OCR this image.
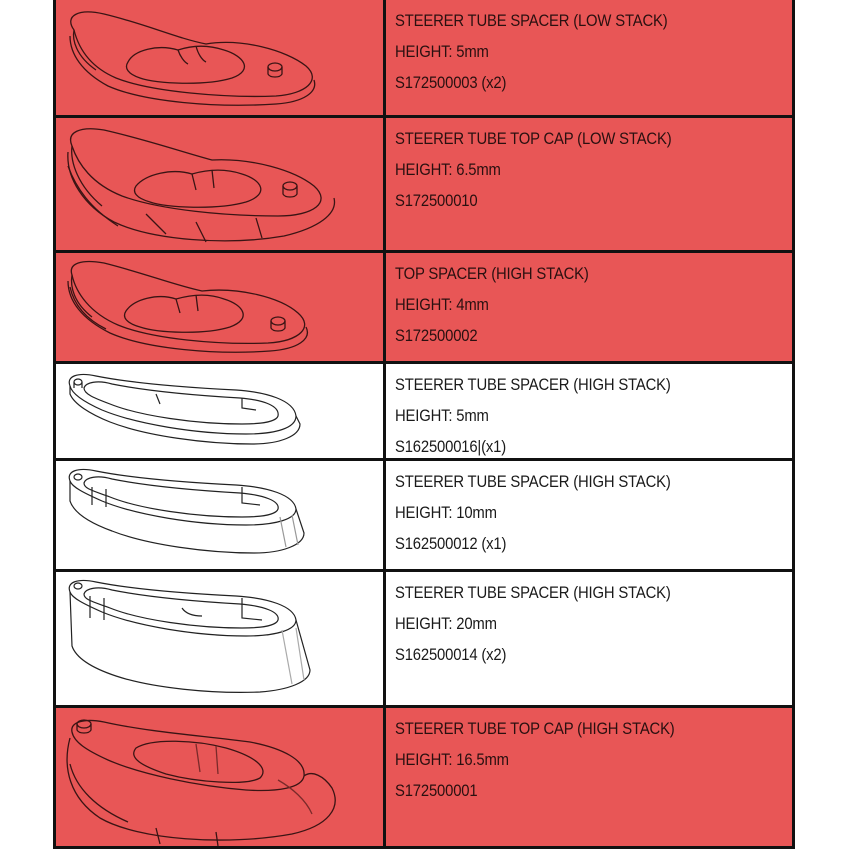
STEERER TUBE SPACER (LOW STACK)
HEIGHT: 5mm
S172500003 (x2)
STEERER TUBE TOP CAP (LOW STACK)
HEIGHT: 6.5mm
S172500010
TOP SPACER (HIGH STACK)
HEIGHT: 4mm
S172500002
STEERER TUBE SPACER (HIGH STACK)
HEIGHT: 5mm
S162500016|(x1)
STEERER TUBE SPACER (HIGH STACK)
HEIGHT: 10mm
S162500012 (x1)
STEERER TUBE SPACER (HIGH STACK)
HEIGHT: 20mm
S162500014 (x2)
STEERER TUBE TOP CAP (HIGH STACK)
HEIGHT: 16.5mm
S172500001
